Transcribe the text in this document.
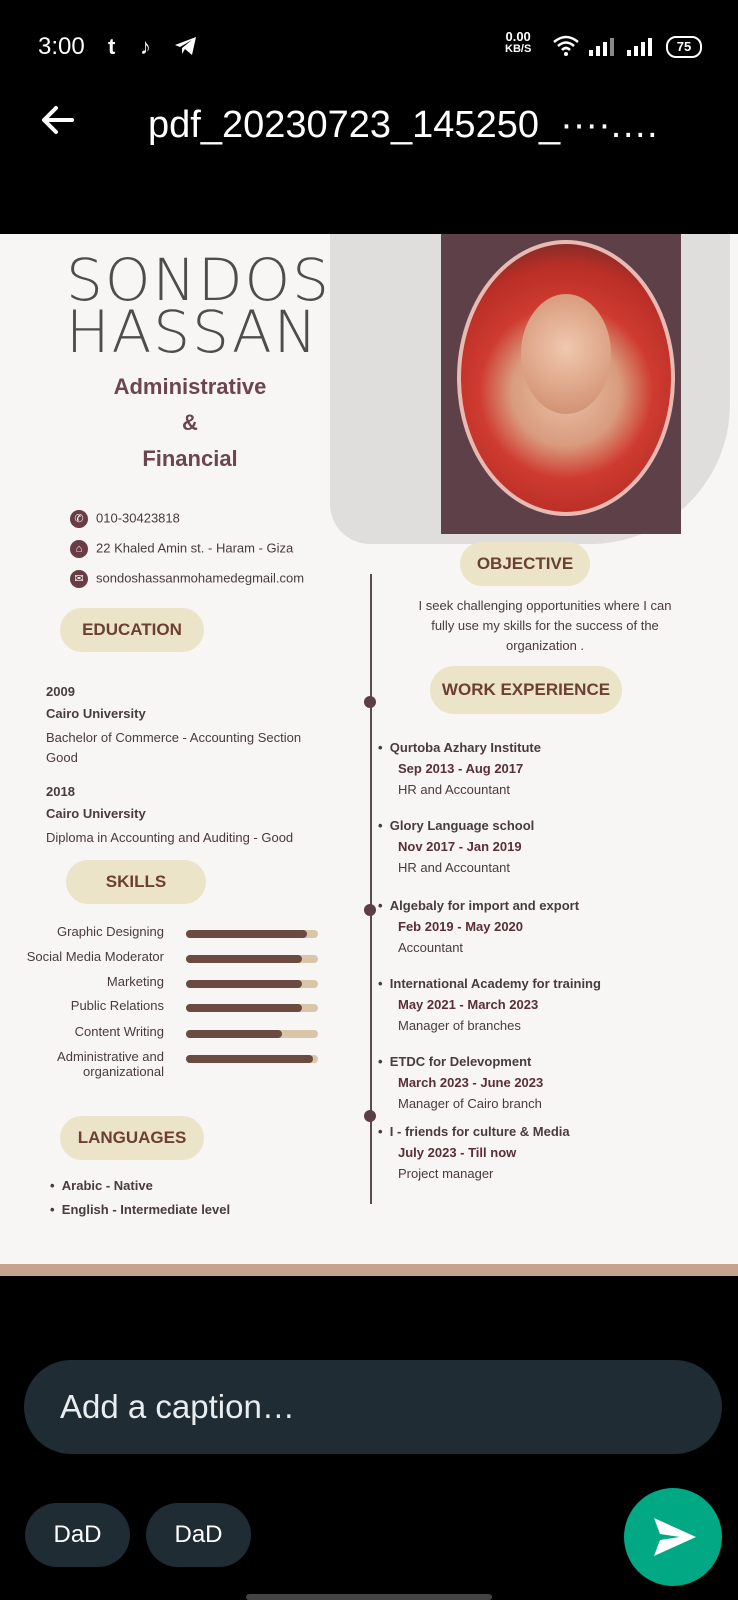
3:00 t ♪	0.00
KB/S	75
pdf_20230723_145250_····.…
SONDOS
HASSAN
Administrative
&
Financial
✆ 010-30423818
⌂ 22 Khaled Amin st. - Haram - Giza
✉ sondoshassanmohamedegmail.com
EDUCATION
2009
Cairo University
Bachelor of Commerce - Accounting Section
Good
2018
Cairo University
Diploma in Accounting and Auditing - Good
SKILLS
Graphic Designing
Social Media Moderator
Marketing
Public Relations
Content Writing
Administrative and
organizational
LANGUAGES
•  Arabic - Native
•  English - Intermediate level
OBJECTIVE
I seek challenging opportunities where I can
fully use my skills for the success of the
organization .
WORK EXPERIENCE
•  Qurtoba Azhary Institute
Sep 2013 - Aug 2017
HR and Accountant
•  Glory Language school
Nov 2017 - Jan 2019
HR and Accountant
•  Algebaly for import and export
Feb 2019 - May 2020
Accountant
•  International Academy for training
May 2021 - March 2023
Manager of branches
•  ETDC for Delevopment
March 2023 - June 2023
Manager of Cairo branch
•  I - friends for culture & Media
July 2023 - Till now
Project manager
Add a caption…
DaD	DaD
